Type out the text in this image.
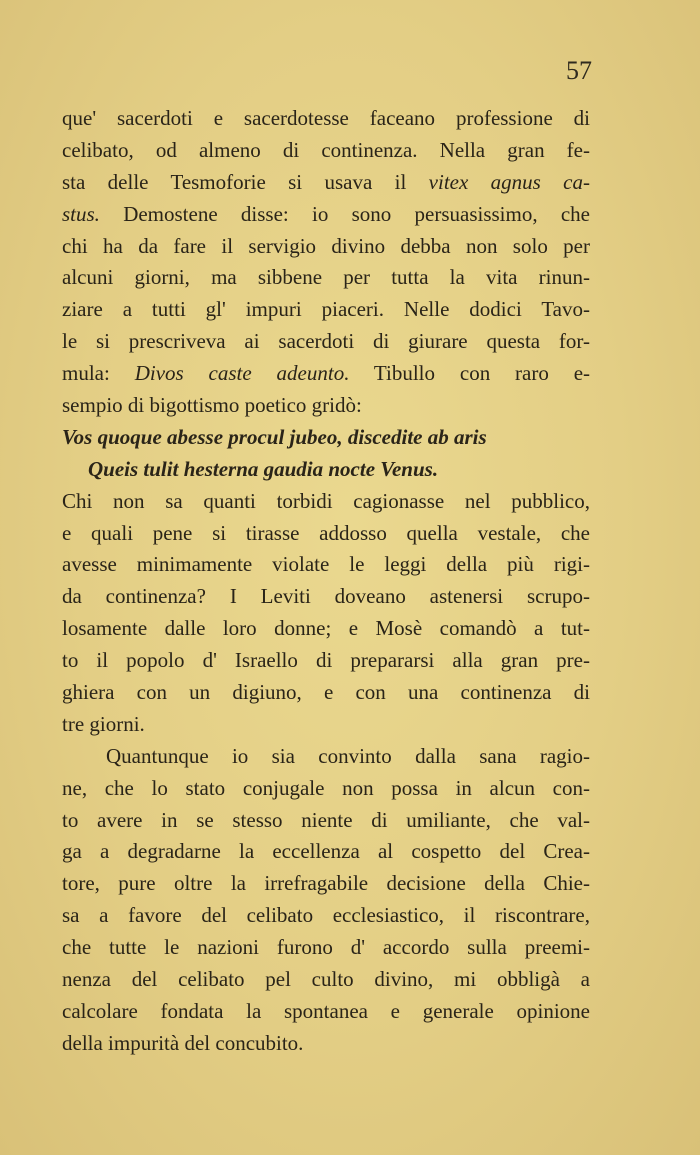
57
que' sacerdoti e sacerdotesse faceano professione di
celibato, od almeno di continenza. Nella gran fe-
sta delle Tesmoforie si usava il vitex agnus ca-
stus. Demostene disse: io sono persuasissimo, che
chi ha da fare il servigio divino debba non solo per
alcuni giorni, ma sibbene per tutta la vita rinun-
ziare a tutti gl' impuri piaceri. Nelle dodici Tavo-
le si prescriveva ai sacerdoti di giurare questa for-
mula: Divos caste adeunto. Tibullo con raro e-
sempio di bigottismo poetico gridò:
Vos quoque abesse procul jubeo, discedite ab aris
Queis tulit hesterna gaudia nocte Venus.
Chi non sa quanti torbidi cagionasse nel pubblico,
e quali pene si tirasse addosso quella vestale, che
avesse minimamente violate le leggi della più rigi-
da continenza? I Leviti doveano astenersi scrupo-
losamente dalle loro donne; e Mosè comandò a tut-
to il popolo d' Israello di prepararsi alla gran pre-
ghiera con un digiuno, e con una continenza di
tre giorni.
Quantunque io sia convinto dalla sana ragio-
ne, che lo stato conjugale non possa in alcun con-
to avere in se stesso niente di umiliante, che val-
ga a degradarne la eccellenza al cospetto del Crea-
tore, pure oltre la irrefragabile decisione della Chie-
sa a favore del celibato ecclesiastico, il riscontrare,
che tutte le nazioni furono d' accordo sulla preemi-
nenza del celibato pel culto divino, mi obbligà a
calcolare fondata la spontanea e generale opinione
della impurità del concubito.
